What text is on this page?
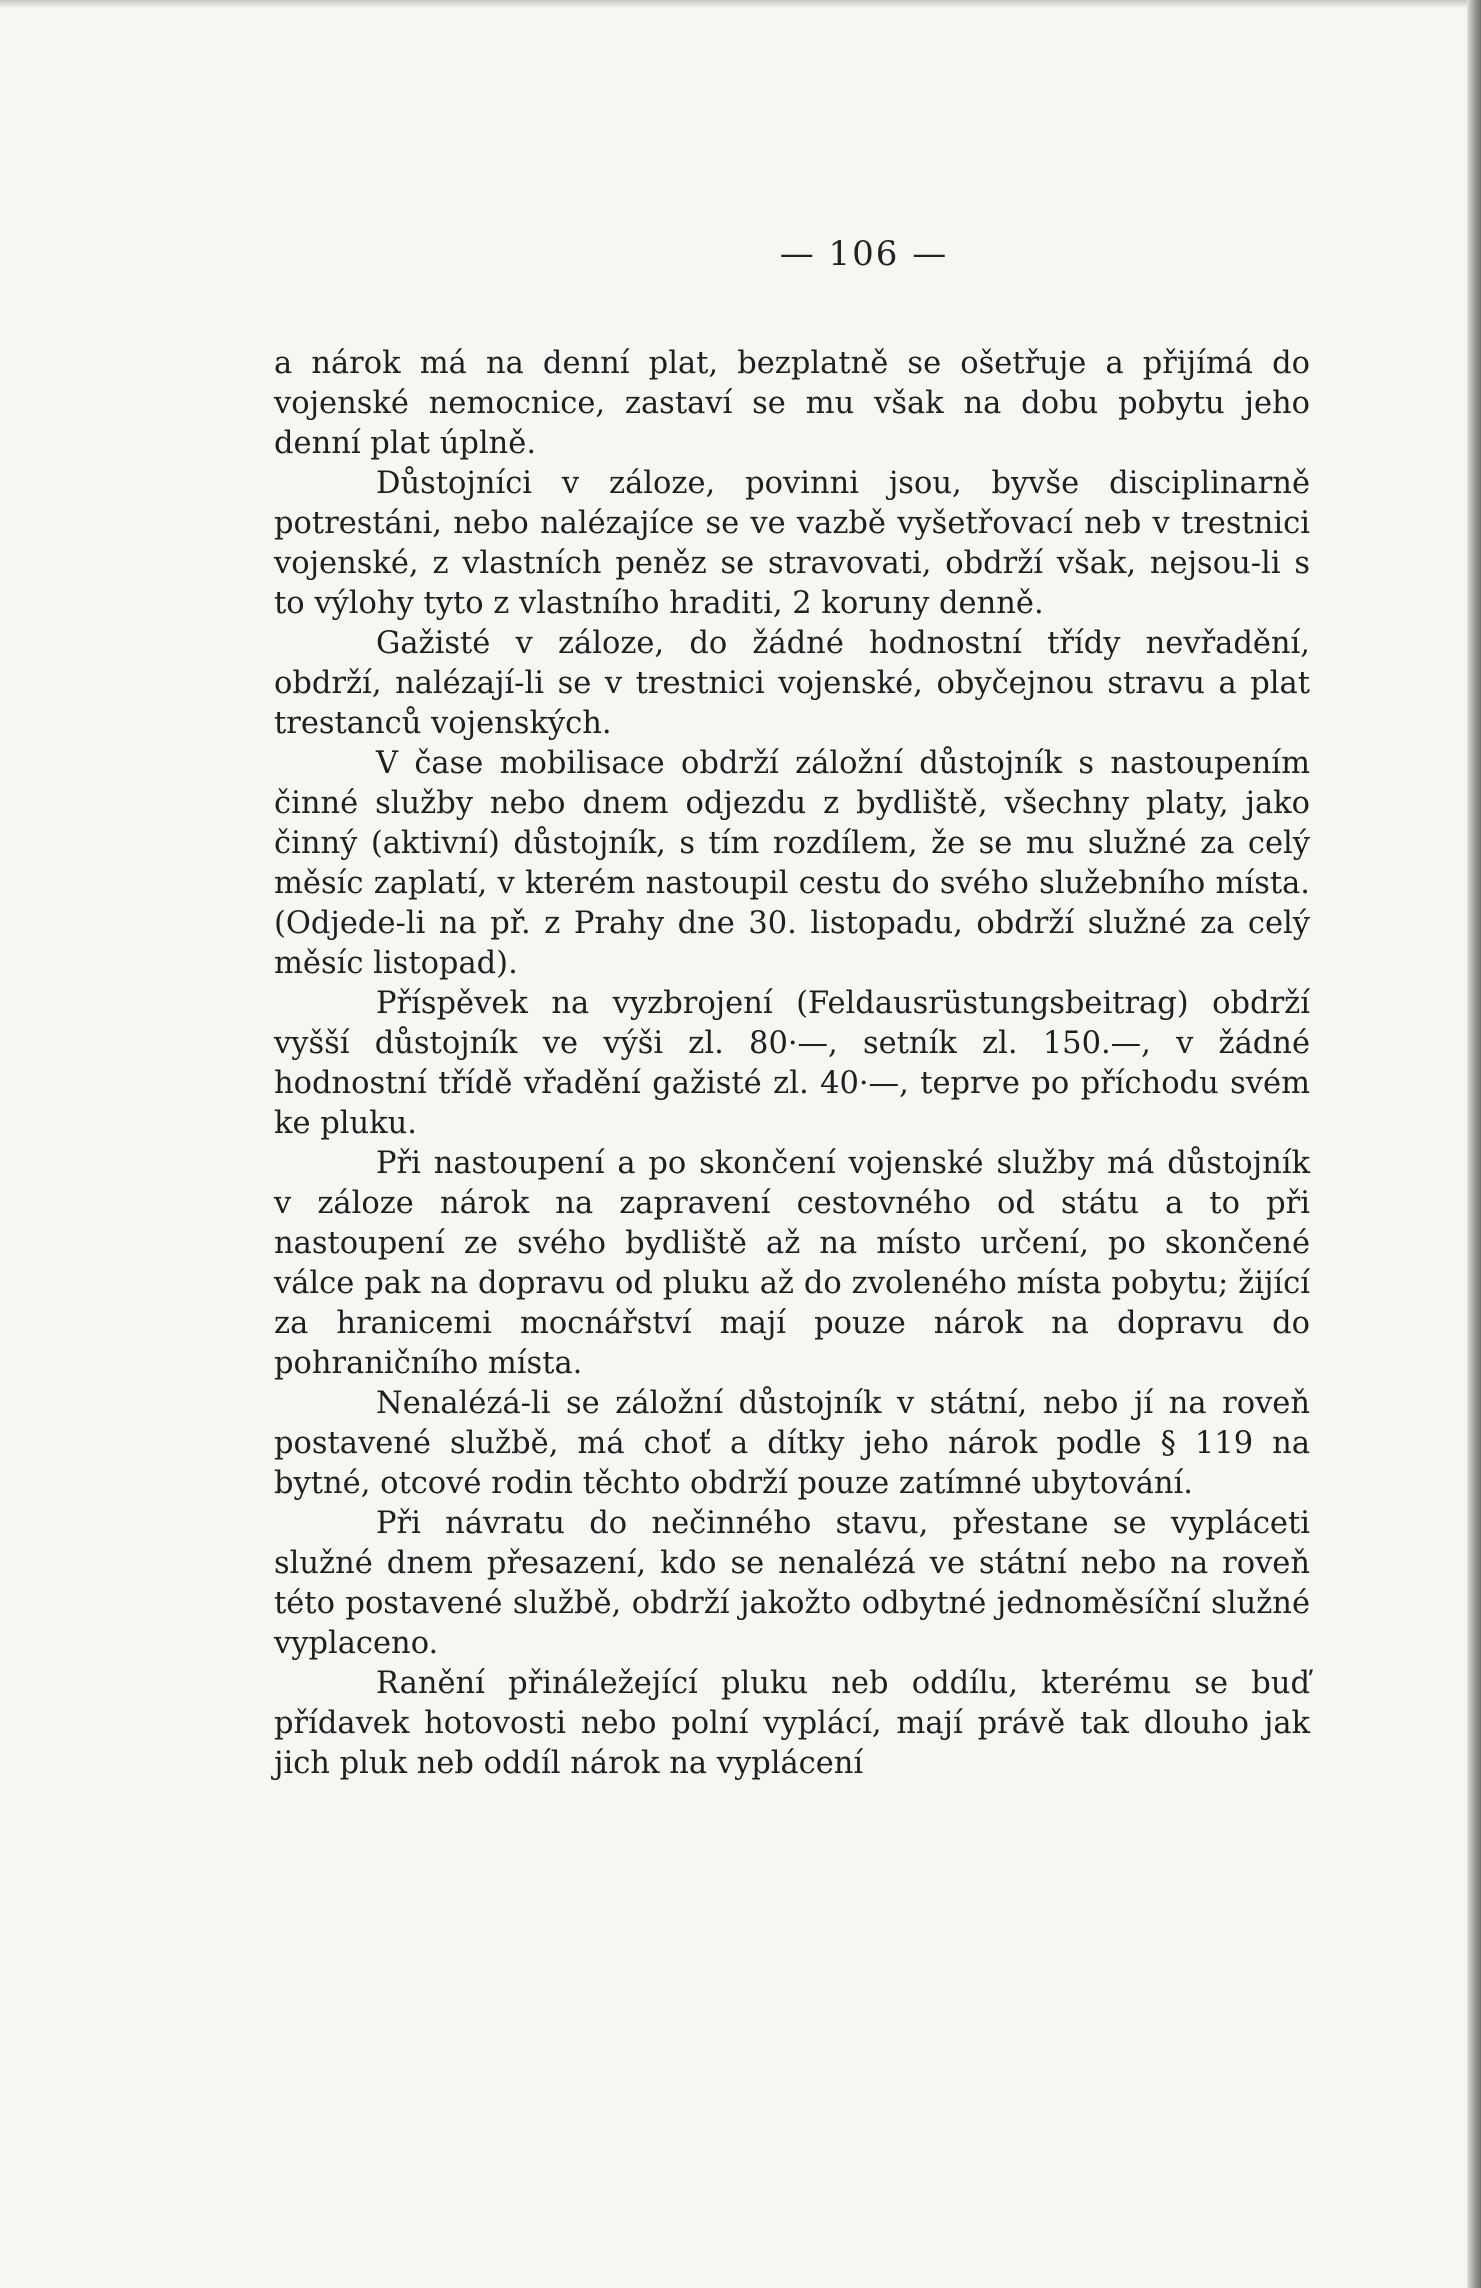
— 106 —

a nárok má na denní plat, bezplatně se ošetřuje a přijímá do vojenské nemocnice, zastaví se mu však na dobu pobytu jeho denní plat úplně.

Důstojníci v záloze, povinni jsou, byvše disciplinarně potrestáni, nebo nalézajíce se ve vazbě vyšetřovací neb v trestnici vojenské, z vlastních peněz se stravovati, obdrží však, nejsou-li s to výlohy tyto z vlastního hraditi, 2 koruny denně.

Gažisté v záloze, do žádné hodnostní třídy nevřadění, obdrží, nalézají-li se v trestnici vojenské, obyčejnou stravu a plat trestanců vojenských.

V čase mobilisace obdrží záložní důstojník s nastoupením činné služby nebo dnem odjezdu z bydliště, všechny platy, jako činný (aktivní) důstojník, s tím rozdílem, že se mu služné za celý měsíc zaplatí, v kterém nastoupil cestu do svého služebního místa. (Odjede-li na př. z Prahy dne 30. listopadu, obdrží služné za celý měsíc listopad).

Příspěvek na vyzbrojení (Feldausrüstungsbeitrag) obdrží vyšší důstojník ve výši zl. 80·—, setník zl. 150.—, v žádné hodnostní třídě vřadění gažisté zl. 40·—, teprve po příchodu svém ke pluku.

Při nastoupení a po skončení vojenské služby má důstojník v záloze nárok na zapravení cestovného od státu a to při nastoupení ze svého bydliště až na místo určení, po skončené válce pak na dopravu od pluku až do zvoleného místa pobytu; žijící za hranicemi mocnářství mají pouze nárok na dopravu do pohraničního místa.

Nenalézá-li se záložní důstojník v státní, nebo jí na roveň postavené službě, má choť a dítky jeho nárok podle § 119 na bytné, otcové rodin těchto obdrží pouze zatímné ubytování.

Při návratu do nečinného stavu, přestane se vypláceti služné dnem přesazení, kdo se nenalézá ve státní nebo na roveň této postavené službě, obdrží jakožto odbytné jednoměsíční služné vyplaceno.

Ranění přináležející pluku neb oddílu, kterému se buď přídavek hotovosti nebo polní vyplácí, mají právě tak dlouho jak jich pluk neb oddíl nárok na vyplácení
